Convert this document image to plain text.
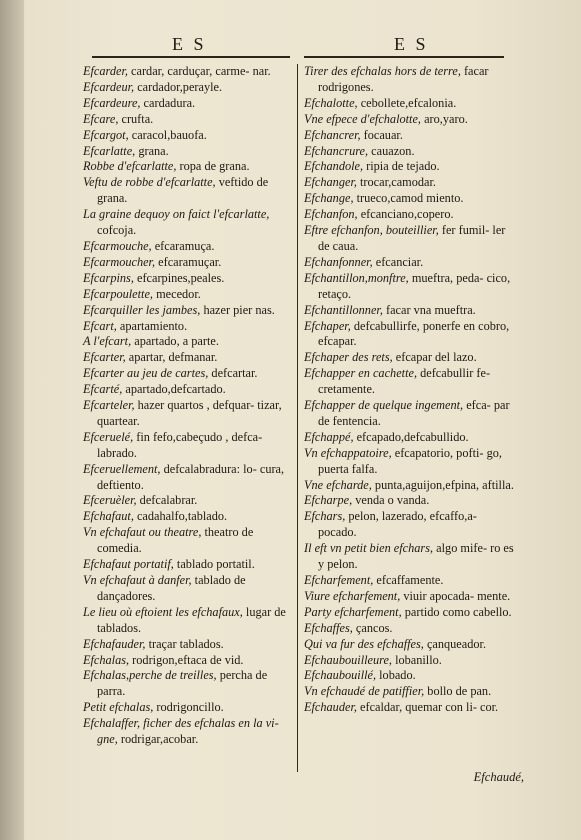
E S	E S

Efcarder, cardar, carduçar, carme- nar.

Efcardeur, cardador,perayle.

Efcardeure, cardadura.

Efcare, crufta.

Efcargot, caracol,bauofa.

Efcarlatte, grana.

Robbe d'efcarlatte, ropa de grana.

Veftu de robbe d'efcarlatte, veftido de grana.

La graine dequoy on faict l'efcarlatte, cofcoja.

Efcarmouche, efcaramuça.

Efcarmoucher, efcaramuçar.

Efcarpins, efcarpines,peales.

Efcarpoulette, mecedor.

Efcarquiller les jambes, hazer pier nas.

Efcart, apartamiento.

A l'efcart, apartado, a parte.

Efcarter, apartar, defmanar.

Efcarter au jeu de cartes, defcartar.

Efcarté, apartado,defcartado.

Efcarteler, hazer quartos , defquar- tizar, quartear.

Efceruelé, fin fefo,cabeçudo , defca- labrado.

Efceruellement, defcalabradura: lo- cura, deftiento.

Efceruèler, defcalabrar.

Efchafaut, cadahalfo,tablado.

Vn efchafaut ou theatre, theatro de comedia.

Efchafaut portatif, tablado portatil.

Vn efchafaut à danfer, tablado de dançadores.

Le lieu où eftoient les efchafaux, lugar de tablados.

Efchafauder, traçar tablados.

Efchalas, rodrigon,eftaca de vid.

Efchalas,perche de treilles, percha de parra.

Petit efchalas, rodrigoncillo.

Efchalaffer, ficher des efchalas en la vi- gne, rodrigar,acobar.

Tirer des efchalas hors de terre, facar rodrigones.

Efchalotte, cebollete,efcalonia.

Vne efpece d'efchalotte, aro,yaro.

Efchancrer, focauar.

Efchancrure, cauazon.

Efchandole, ripia de tejado.

Efchanger, trocar,camodar.

Efchange, trueco,camod miento.

Efchanfon, efcanciano,copero.

Eftre efchanfon, bouteillier, fer fumil- ler de caua.

Efchanfonner, efcanciar.

Efchantillon,monftre, mueftra, peda- cico, retaço.

Efchantillonner, facar vna mueftra.

Efchaper, defcabullirfe, ponerfe en cobro, efcapar.

Efchaper des rets, efcapar del lazo.

Efchapper en cachette, defcabullir fe- cretamente.

Efchapper de quelque ingement, efca- par de fentencia.

Efchappé, efcapado,defcabullido.

Vn efchappatoire, efcapatorio, pofti- go, puerta falfa.

Vne efcharde, punta,aguijon,efpina, aftilla.

Efcharpe, venda o vanda.

Efchars, pelon, lazerado, efcaffo,a- pocado.

Il eft vn petit bien efchars, algo mife- ro es y pelon.

Efcharfement, efcaffamente.

Viure efcharfement, viuir apocada- mente.

Party efcharfement, partido como cabello.

Efchaffes, çancos.

Qui va fur des efchaffes, çanqueador.

Efchaubouilleure, lobanillo.

Efchaubouillé, lobado.

Vn efchaudé de patiffier, bollo de pan.

Efchauder, efcaldar, quemar con li- cor.

Efchaudé,
